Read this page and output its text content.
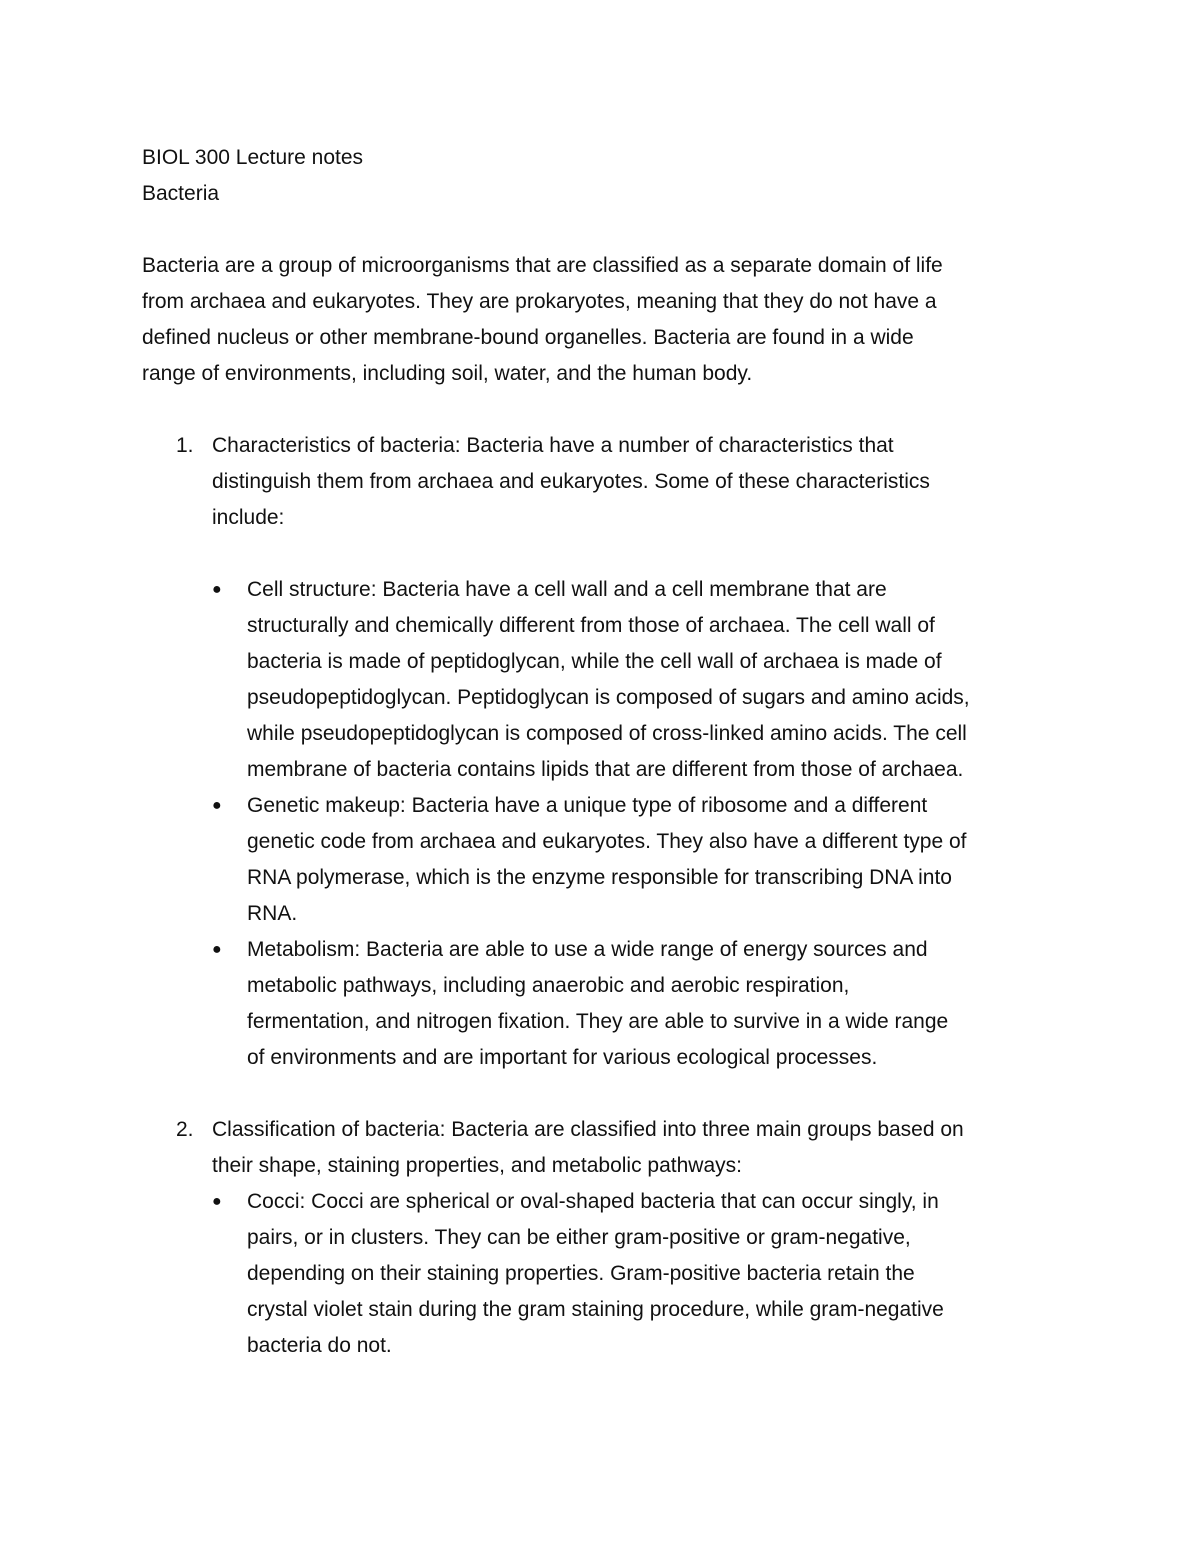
BIOL 300 Lecture notes
Bacteria

Bacteria are a group of microorganisms that are classified as a separate domain of life
from archaea and eukaryotes. They are prokaryotes, meaning that they do not have a
defined nucleus or other membrane-bound organelles. Bacteria are found in a wide
range of environments, including soil, water, and the human body.

1. Characteristics of bacteria: Bacteria have a number of characteristics that
distinguish them from archaea and eukaryotes. Some of these characteristics
include:
● Cell structure: Bacteria have a cell wall and a cell membrane that are
structurally and chemically different from those of archaea. The cell wall of
bacteria is made of peptidoglycan, while the cell wall of archaea is made of
pseudopeptidoglycan. Peptidoglycan is composed of sugars and amino acids,
while pseudopeptidoglycan is composed of cross-linked amino acids. The cell
membrane of bacteria contains lipids that are different from those of archaea.
● Genetic makeup: Bacteria have a unique type of ribosome and a different
genetic code from archaea and eukaryotes. They also have a different type of
RNA polymerase, which is the enzyme responsible for transcribing DNA into
RNA.
● Metabolism: Bacteria are able to use a wide range of energy sources and
metabolic pathways, including anaerobic and aerobic respiration,
fermentation, and nitrogen fixation. They are able to survive in a wide range
of environments and are important for various ecological processes.
2. Classification of bacteria: Bacteria are classified into three main groups based on
their shape, staining properties, and metabolic pathways:
● Cocci: Cocci are spherical or oval-shaped bacteria that can occur singly, in
pairs, or in clusters. They can be either gram-positive or gram-negative,
depending on their staining properties. Gram-positive bacteria retain the
crystal violet stain during the gram staining procedure, while gram-negative
bacteria do not.
